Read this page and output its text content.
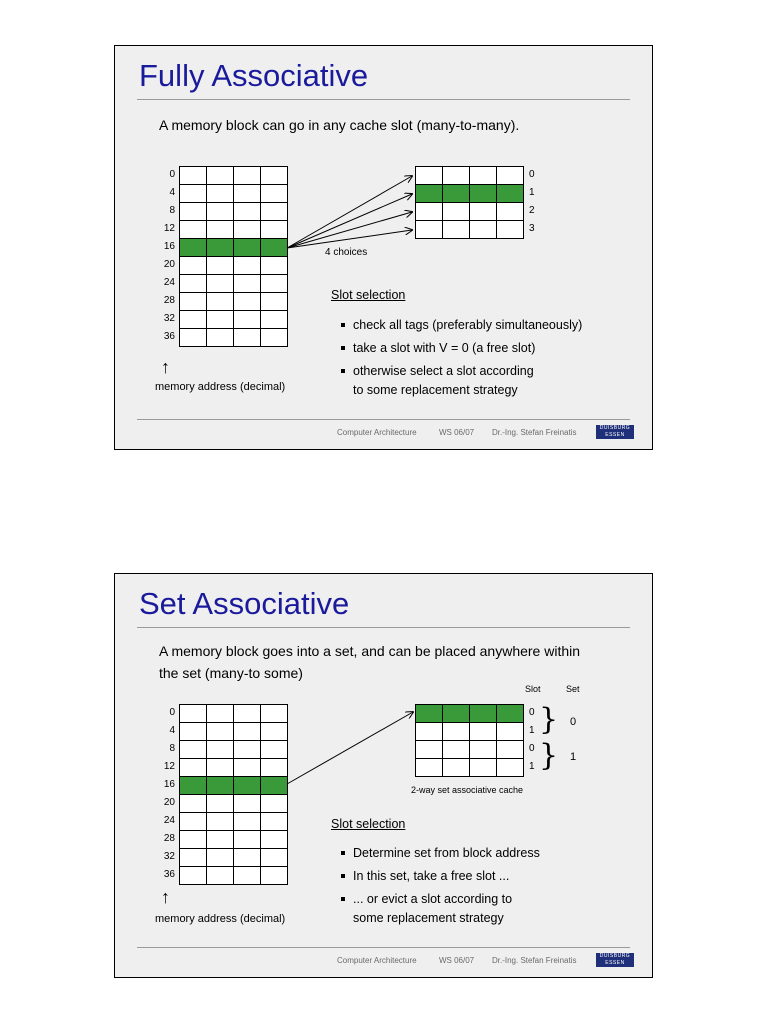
Fully Associative
A memory block can go in any cache slot (many-to-many).
0
4
8
12
16
20
24
28
32
36

0
1
2
3
4 choices
↑
memory address (decimal)
Slot selection
check all tags (preferably simultaneously)
take a slot with V = 0 (a free slot)
otherwise select a slot according
to some replacement strategy
Computer Architecture	WS 06/07 Dr.-Ing. Stefan Freinatis	DUISBURG ESSEN
Set Associative
A memory block goes into a set, and can be placed anywhere within
the set (many-to some)
0
4
8
12
16
20
24
28
32
36

Slot	Set

0
1
0
1
}
}
0
1
2-way set associative cache
↑
memory address (decimal)
Slot selection
Determine set from block address
In this set, take a free slot ...
... or evict a slot according to
some replacement strategy
Computer Architecture	WS 06/07 Dr.-Ing. Stefan Freinatis	DUISBURG ESSEN
